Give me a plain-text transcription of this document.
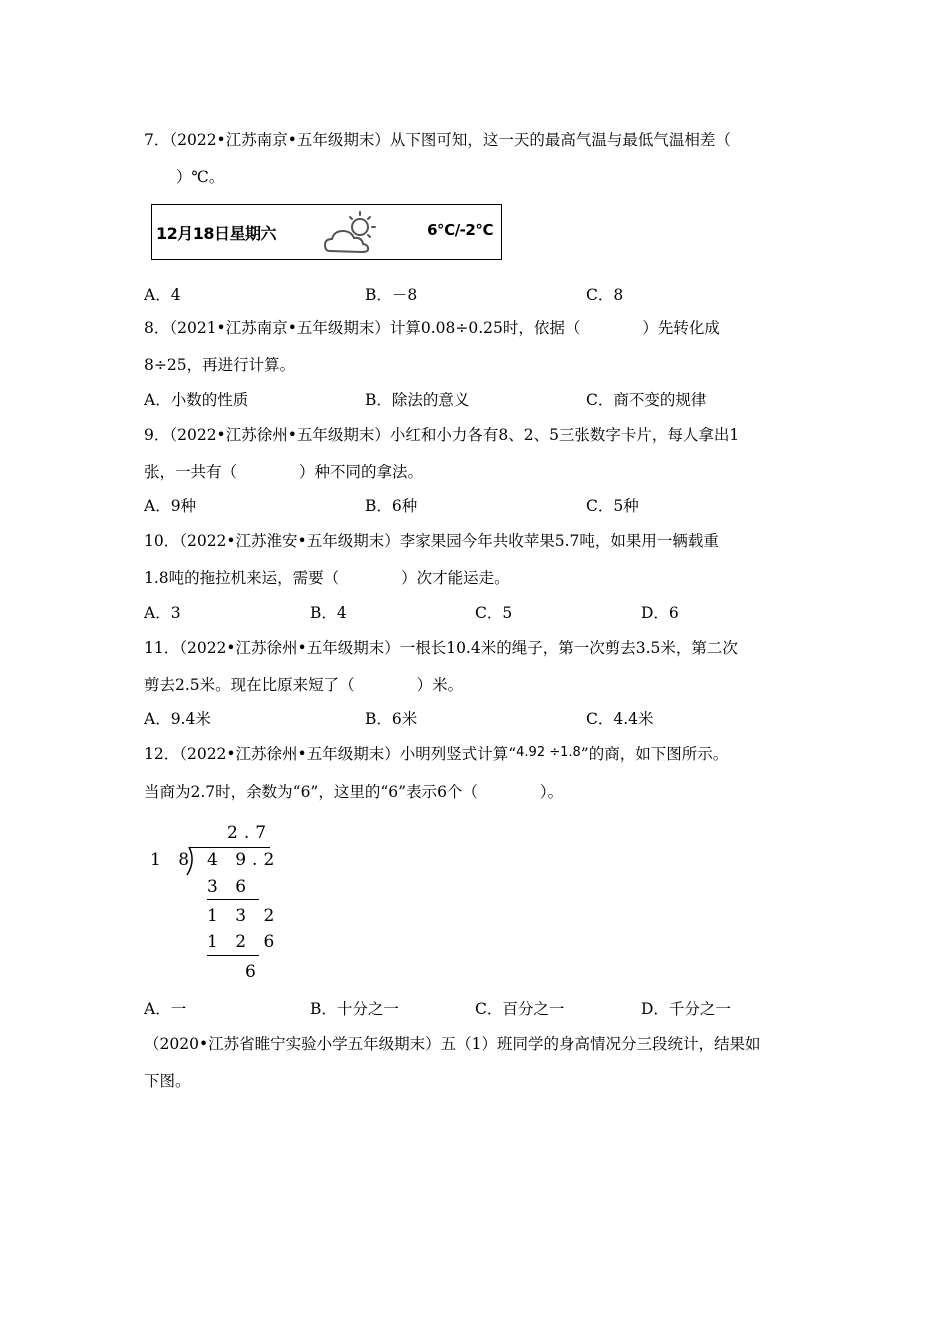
7．（2022•江苏南京•五年级期末）从下图可知，这一天的最高气温与最低气温相差（
）℃。
12月18日星期六	6℃/-2℃
A．4	B．－8	C．8
8．（2021•江苏南京•五年级期末）计算0.08÷0.25时，依据（　　　　）先转化成
8÷25，再进行计算。
A．小数的性质	B．除法的意义	C．商不变的规律
9．（2022•江苏徐州•五年级期末）小红和小力各有8、2、5三张数字卡片，每人拿出1
张，一共有（　　　　）种不同的拿法。
A．9种	B．6种	C．5种
10．（2022•江苏淮安•五年级期末）李家果园今年共收苹果5.7吨，如果用一辆载重
1.8吨的拖拉机来运，需要（　　　　）次才能运走。
A．3	B．4	C．5	D．6
11．（2022•江苏徐州•五年级期末）一根长10.4米的绳子，第一次剪去3.5米，第二次
剪去2.5米。现在比原来短了（　　　　）米。
A．9.4米	B．6米	C．4.4米
12．（2022•江苏徐州•五年级期末）小明列竖式计算“4.92 ÷1.8”的商，如下图所示。
当商为2.7时，余数为“6”，这里的“6”表示6个（　　　　）。
2.7
1 8 4 9.2
3 6
1 3 2
1 2 6
6
A．一	B．十分之一	C．百分之一	D．千分之一
（2020•江苏省睢宁实验小学五年级期末）五（1）班同学的身高情况分三段统计，结果如
下图。
